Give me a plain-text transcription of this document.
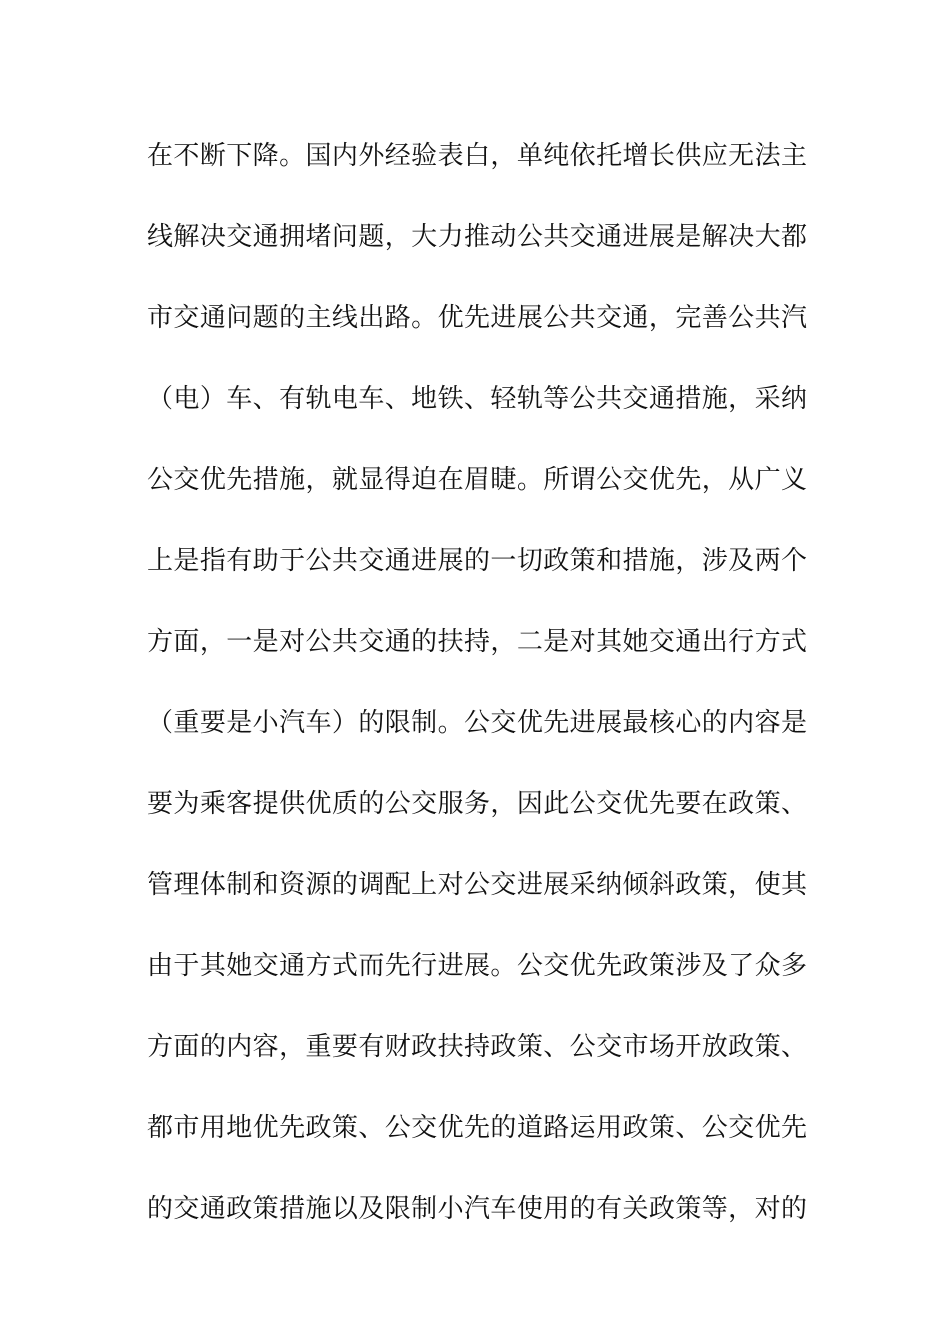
在不断下降。国内外经验表白，单纯依托增长供应无法主
线解决交通拥堵问题，大力推动公共交通进展是解决大都
市交通问题的主线出路。优先进展公共交通，完善公共汽
（电）车、有轨电车、地铁、轻轨等公共交通措施，采纳
公交优先措施，就显得迫在眉睫。所谓公交优先，从广义
上是指有助于公共交通进展的一切政策和措施，涉及两个
方面，一是对公共交通的扶持，二是对其她交通出行方式
（重要是小汽车）的限制。公交优先进展最核心的内容是
要为乘客提供优质的公交服务，因此公交优先要在政策、
管理体制和资源的调配上对公交进展采纳倾斜政策，使其
由于其她交通方式而先行进展。公交优先政策涉及了众多
方面的内容，重要有财政扶持政策、公交市场开放政策、
都市用地优先政策、公交优先的道路运用政策、公交优先
的交通政策措施以及限制小汽车使用的有关政策等，对的
